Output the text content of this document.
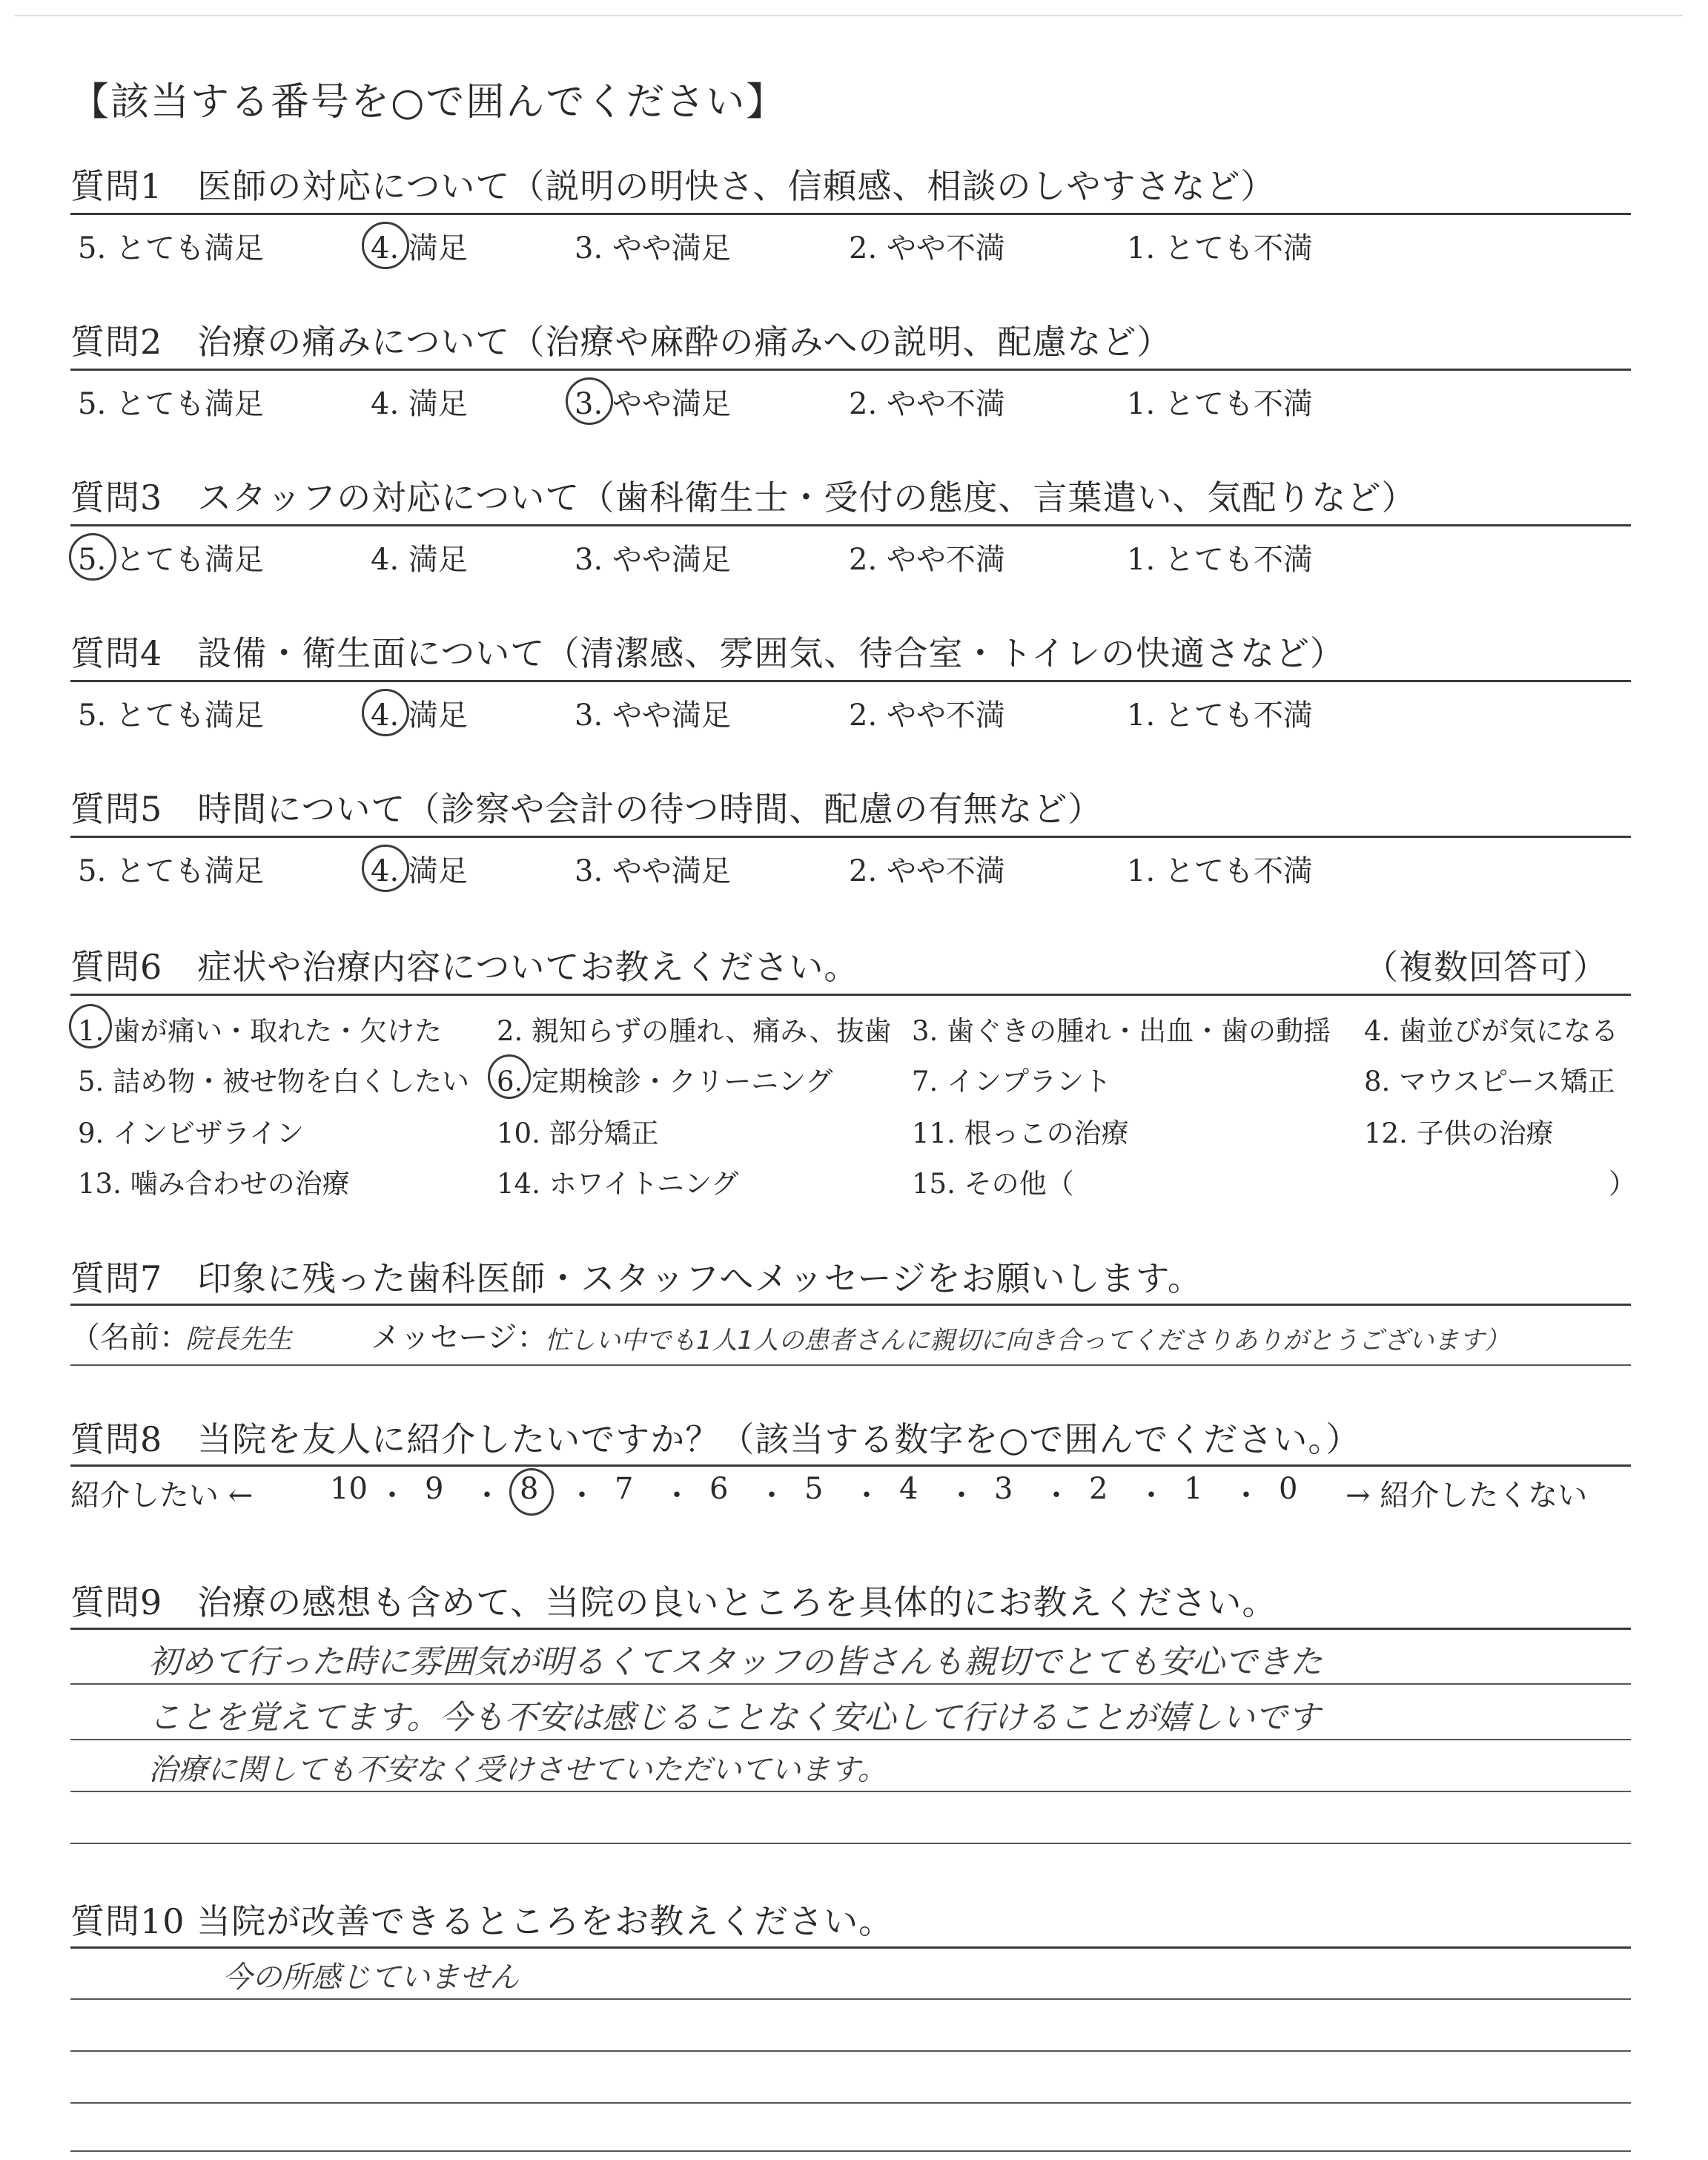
【該当する番号を○で囲んでください】
質問1　医師の対応について（説明の明快さ、信頼感、相談のしやすさなど）
5. とても満足	4. 満足	3. やや満足	2. やや不満	1. とても不満
質問2　治療の痛みについて（治療や麻酔の痛みへの説明、配慮など）
5. とても満足	4. 満足	3. やや満足	2. やや不満	1. とても不満
質問3　スタッフの対応について（歯科衛生士・受付の態度、言葉遣い、気配りなど）
5. とても満足	4. 満足	3. やや満足	2. やや不満	1. とても不満
質問4　設備・衛生面について（清潔感、雰囲気、待合室・トイレの快適さなど）
5. とても満足	4. 満足	3. やや満足	2. やや不満	1. とても不満
質問5　時間について（診察や会計の待つ時間、配慮の有無など）
5. とても満足	4. 満足	3. やや満足	2. やや不満	1. とても不満
質問6　症状や治療内容についてお教えください。	（複数回答可）
1. 歯が痛い・取れた・欠けた 2. 親知らずの腫れ、痛み、抜歯 3. 歯ぐきの腫れ・出血・歯の動揺 4. 歯並びが気になる
5. 詰め物・被せ物を白くしたい 6. 定期検診・クリーニング	7. インプラント	8. マウスピース矯正
9. インビザライン	10. 部分矯正	11. 根っこの治療	12. 子供の治療
13. 噛み合わせの治療	14. ホワイトニング	15. その他（	）
質問7　印象に残った歯科医師・スタッフへメッセージをお願いします。
（名前：
院長先生	メッセージ：
忙しい中でも1人1人の患者さんに親切に向き合ってくださりありがとうございます）
質問8　当院を友人に紹介したいですか？（該当する数字を○で囲んでください。）
紹介したい ←	10 ・ 9 ・ 8 ・ 7 ・ 6 ・ 5 ・ 4 ・ 3 ・ 2 ・ 1 ・ 0 → 紹介したくない
質問9　治療の感想も含めて、当院の良いところを具体的にお教えください。
初めて行った時に雰囲気が明るくてスタッフの皆さんも親切でとても安心できた
ことを覚えてます。今も不安は感じることなく安心して行けることが嬉しいです
治療に関しても不安なく受けさせていただいています。
質問10 当院が改善できるところをお教えください。
今の所感じていません
